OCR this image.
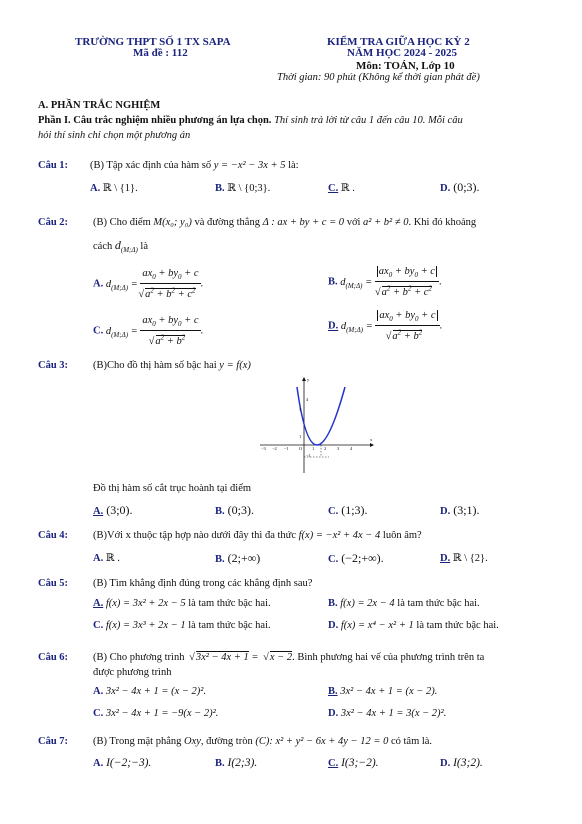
TRƯỜNG THPT SỐ 1 TX SAPA
Mã đề : 112
KIỂM TRA GIỮA HỌC KỲ 2
NĂM HỌC 2024 - 2025
Môn: TOÁN, Lớp 10
Thời gian: 90 phút (Không kể thời gian phát đề)
A. PHẦN TRẮC NGHIỆM
Phần I. Câu trắc nghiệm nhiều phương án lựa chọn. Thí sinh trả lời từ câu 1 đến câu 10. Mỗi câu
hỏi thí sinh chỉ chọn một phương án
Câu 1: (B) Tập xác định của hàm số y = −x² − 3x + 5 là:
A. ℝ \ {1}.	B. ℝ \ {0;3}.	C. ℝ .	D. (0;3).
Câu 2: (B) Cho điểm M(x₀; y₀) và đường thẳng Δ : ax + by + c = 0 với a² + b² ≠ 0. Khi đó khoảng
cách $d_{(M;\Delta)}$ là
A. $d_{(M;\Delta)} = ax_0 + by_0 + c$
√ $a^2 + b^2 + c^2$ .	B. $d_{(M;\Delta)} = ax_0 + by_0 + c$
√ $a^2 + b^2 + c^2$ .
C. $d_{(M;\Delta)} = ax_0 + by_0 + c$
√ $a^2 + b^2$ .	D. $d_{(M;\Delta)} = ax_0 + by_0 + c$
√ $a^2 + b^2$ .
Câu 3: (B)Cho đồ thị hàm số bậc hai y = f(x)
−3 −2 −1 O 1 2 3 4
4
3
1
−1
x
y
Đồ thị hàm số cắt trục hoành tại điểm
A. (3;0).	B. (0;3).	C. (1;3).	D. (3;1).
Câu 4: (B)Với x thuộc tập hợp nào dưới đây thì đa thức f(x) = −x² + 4x − 4 luôn âm?
A. ℝ .	B. (2;+∞)	C. (−2;+∞).	D. ℝ \ {2}.
Câu 5: (B) Tìm khẳng định đúng trong các khẳng định sau?
A. f(x) = 3x² + 2x − 5 là tam thức bậc hai.	B. f(x) = 2x − 4 là tam thức bậc hai.
C. f(x) = 3x³ + 2x − 1 là tam thức bậc hai.	D. f(x) = x⁴ − x² + 1 là tam thức bậc hai.
Câu 6: (B) Cho phương trình √ 3x² − 4x + 1 = √ x − 2. Bình phương hai vế của phương trình trên ta
được phương trình
A. 3x² − 4x + 1 = (x − 2)².	B. 3x² − 4x + 1 = (x − 2).
C. 3x² − 4x + 1 = −9(x − 2)².	D. 3x² − 4x + 1 = 3(x − 2)².
Câu 7: (B) Trong mặt phẳng Oxy, đường tròn (C): x² + y² − 6x + 4y − 12 = 0 có tâm là.
A. I(−2;−3).	B. I(2;3).	C. I(3;−2).	D. I(3;2).
